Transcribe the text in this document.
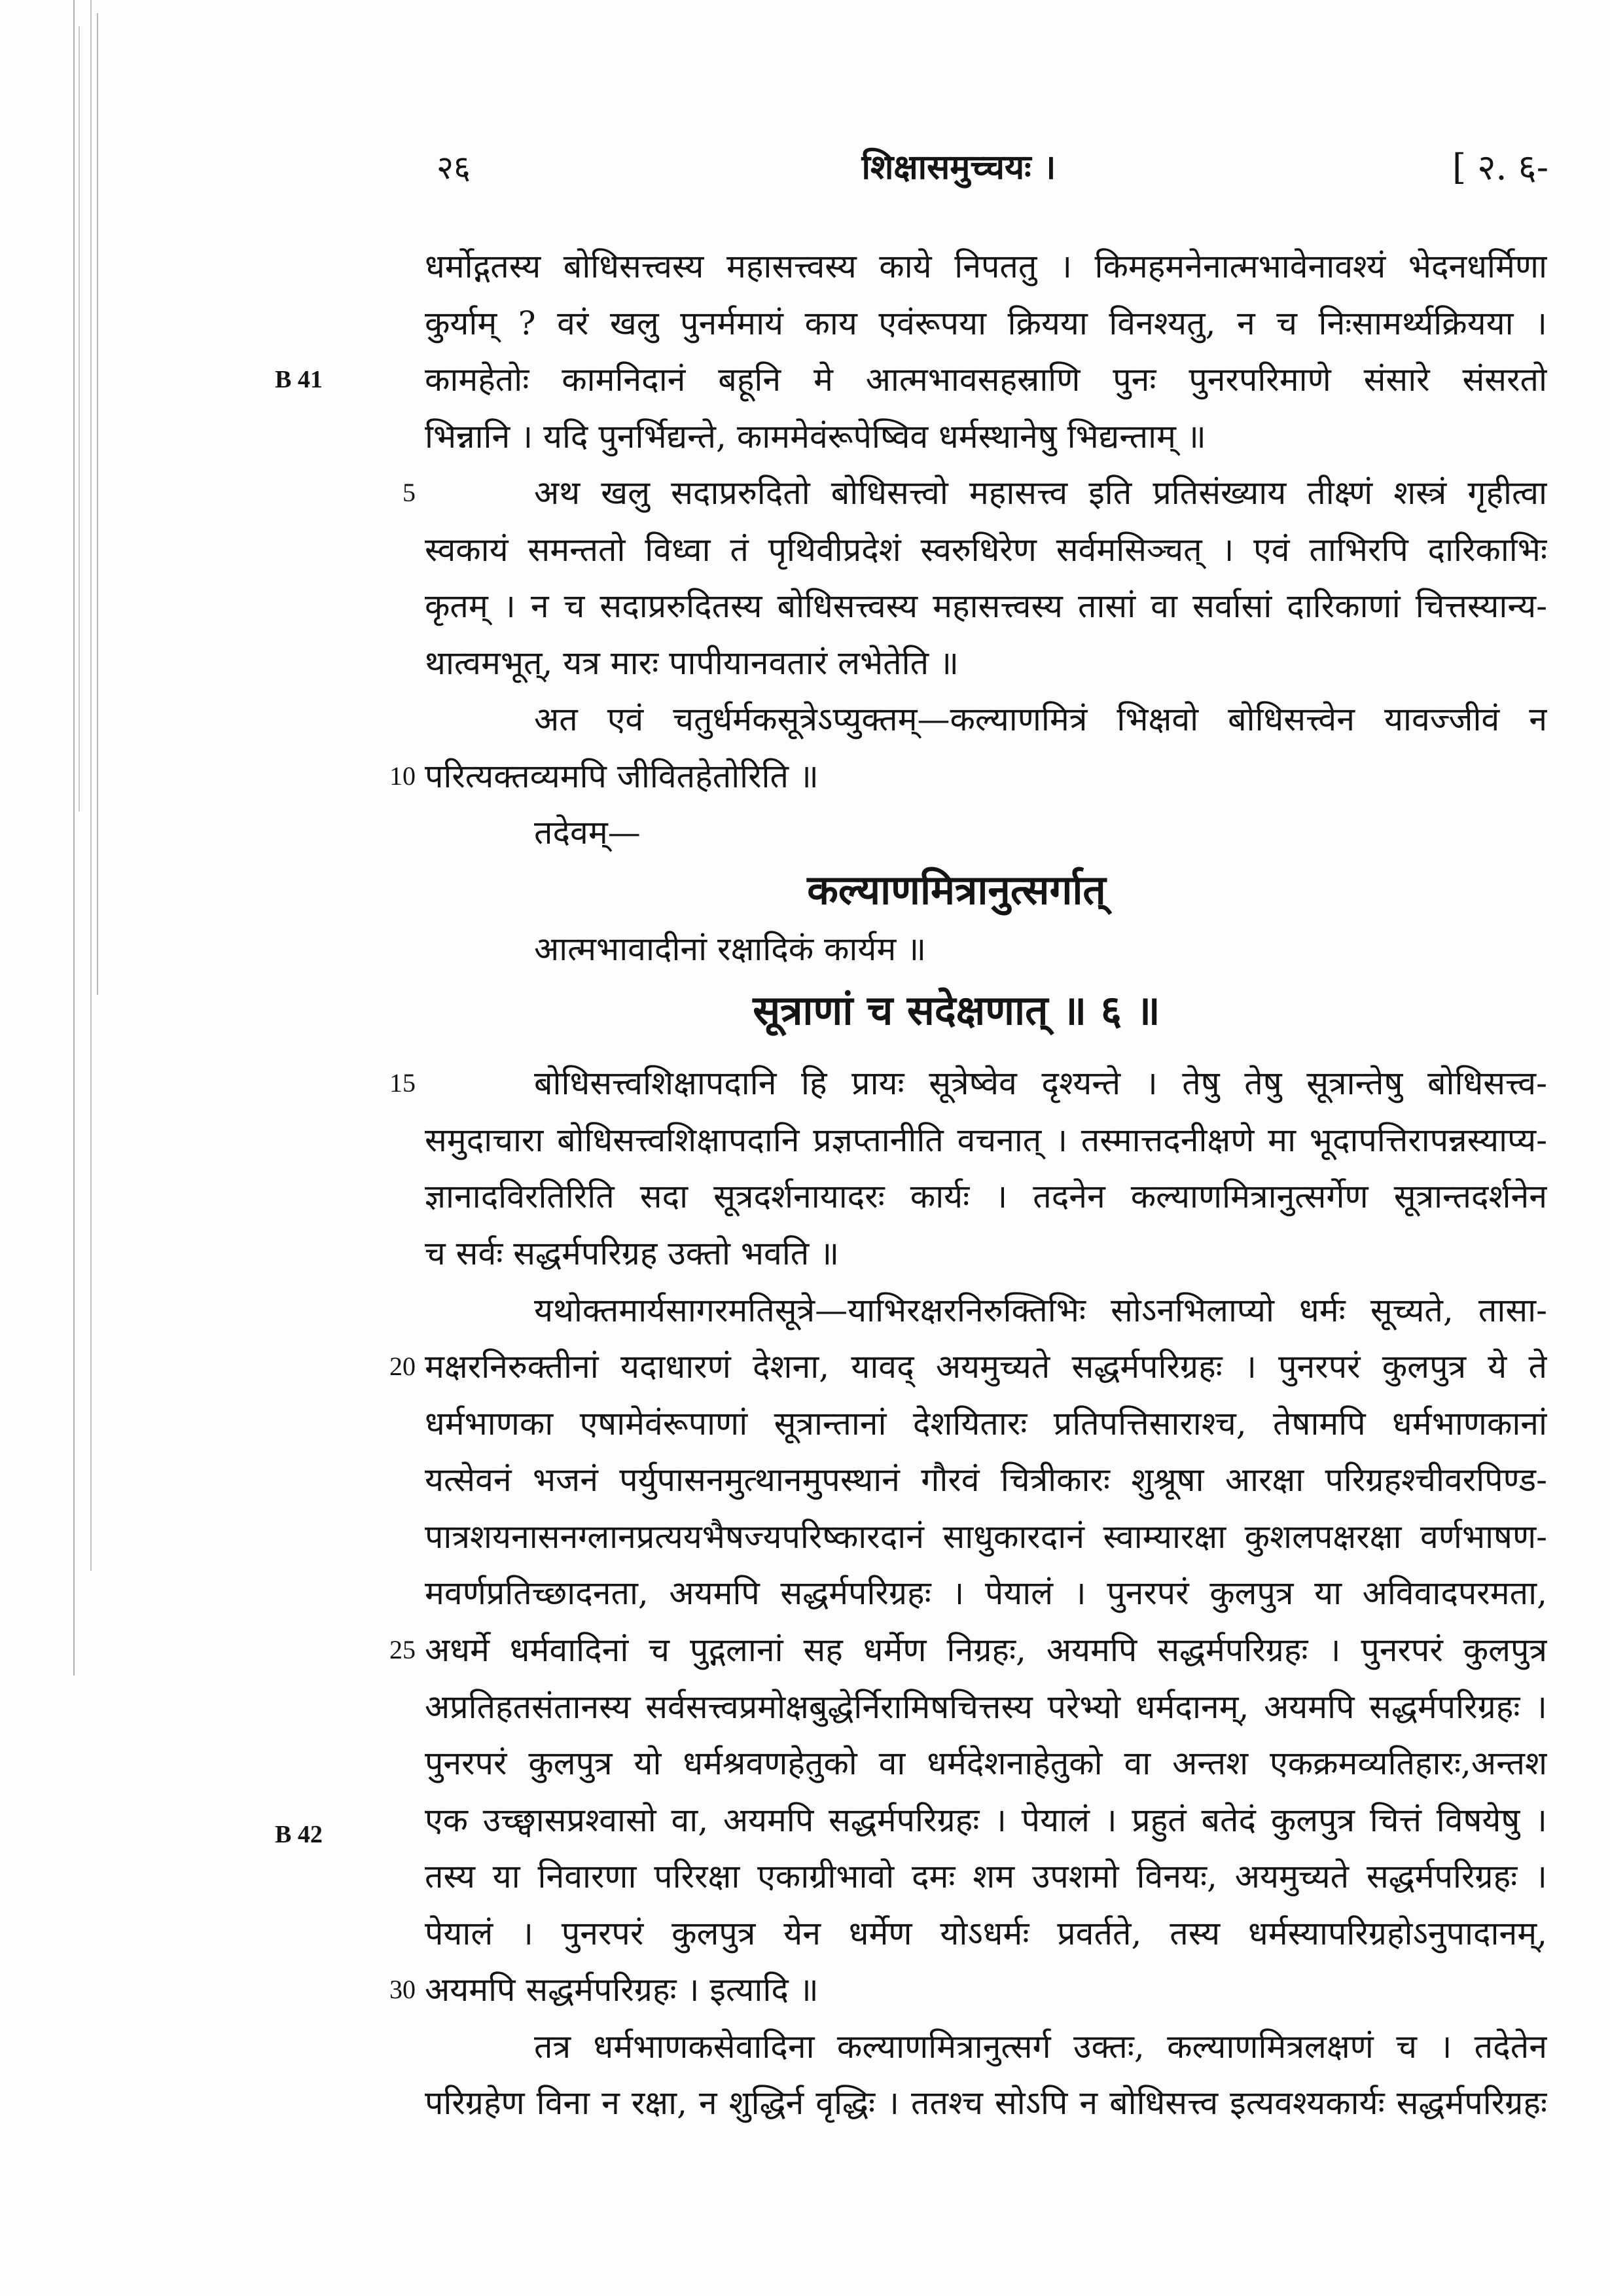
२६	शिक्षासमुच्चयः ।	[ २. ६-
B 41
B 42
5
10
15
20
25
30
धर्मोद्गतस्य बोधिसत्त्वस्य महासत्त्वस्य काये निपततु । किमहमनेनात्मभावेनावश्यं भेदनधर्मिणा
कुर्याम् ? वरं खलु पुनर्ममायं काय एवंरूपया क्रियया विनश्यतु, न च निःसामर्थ्यक्रियया ।
कामहेतोः कामनिदानं बहूनि मे आत्मभावसहस्राणि पुनः पुनरपरिमाणे संसारे संसरतो
भिन्नानि । यदि पुनर्भिद्यन्ते, काममेवंरूपेष्विव धर्मस्थानेषु भिद्यन्ताम् ॥
अथ खलु सदाप्ररुदितो बोधिसत्त्वो महासत्त्व इति प्रतिसंख्याय तीक्ष्णं शस्त्रं गृहीत्वा
स्वकायं समन्ततो विध्वा तं पृथिवीप्रदेशं स्वरुधिरेण सर्वमसिञ्चत् । एवं ताभिरपि दारिकाभिः
कृतम् । न च सदाप्ररुदितस्य बोधिसत्त्वस्य महासत्त्वस्य तासां वा सर्वासां दारिकाणां चित्तस्यान्य-
थात्वमभूत्, यत्र मारः पापीयानवतारं लभेतेति ॥
अत एवं चतुर्धर्मकसूत्रेऽप्युक्तम्—कल्याणमित्रं भिक्षवो बोधिसत्त्वेन यावज्जीवं न
परित्यक्तव्यमपि जीवितहेतोरिति ॥
तदेवम्—
कल्याणमित्रानुत्सर्गात्
आत्मभावादीनां रक्षादिकं कार्यम ॥
सूत्राणां च सदेक्षणात् ॥ ६ ॥
बोधिसत्त्वशिक्षापदानि हि प्रायः सूत्रेष्वेव दृश्यन्ते । तेषु तेषु सूत्रान्तेषु बोधिसत्त्व-
समुदाचारा बोधिसत्त्वशिक्षापदानि प्रज्ञप्तानीति वचनात् । तस्मात्तदनीक्षणे मा भूदापत्तिरापन्नस्याप्य-
ज्ञानादविरतिरिति सदा सूत्रदर्शनायादरः कार्यः । तदनेन कल्याणमित्रानुत्सर्गेण सूत्रान्तदर्शनेन
च सर्वः सद्धर्मपरिग्रह उक्तो भवति ॥
यथोक्तमार्यसागरमतिसूत्रे—याभिरक्षरनिरुक्तिभिः सोऽनभिलाप्यो धर्मः सूच्यते, तासा-
मक्षरनिरुक्तीनां यदाधारणं देशना, यावद् अयमुच्यते सद्धर्मपरिग्रहः । पुनरपरं कुलपुत्र ये ते
धर्मभाणका एषामेवंरूपाणां सूत्रान्तानां देशयितारः प्रतिपत्तिसाराश्च, तेषामपि धर्मभाणकानां
यत्सेवनं भजनं पर्युपासनमुत्थानमुपस्थानं गौरवं चित्रीकारः शुश्रूषा आरक्षा परिग्रहश्चीवरपिण्ड-
पात्रशयनासनग्लानप्रत्ययभैषज्यपरिष्कारदानं साधुकारदानं स्वाम्यारक्षा कुशलपक्षरक्षा वर्णभाषण-
मवर्णप्रतिच्छादनता, अयमपि सद्धर्मपरिग्रहः । पेयालं । पुनरपरं कुलपुत्र या अविवादपरमता,
अधर्मे धर्मवादिनां च पुद्गलानां सह धर्मेण निग्रहः, अयमपि सद्धर्मपरिग्रहः । पुनरपरं कुलपुत्र
अप्रतिहतसंतानस्य सर्वसत्त्वप्रमोक्षबुद्धेर्निरामिषचित्तस्य परेभ्यो धर्मदानम्, अयमपि सद्धर्मपरिग्रहः ।
पुनरपरं कुलपुत्र यो धर्मश्रवणहेतुको वा धर्मदेशनाहेतुको वा अन्तश एकक्रमव्यतिहारः,अन्तश
एक उच्छ्वासप्रश्वासो वा, अयमपि सद्धर्मपरिग्रहः । पेयालं । प्रहुतं बतेदं कुलपुत्र चित्तं विषयेषु ।
तस्य या निवारणा परिरक्षा एकाग्रीभावो दमः शम उपशमो विनयः, अयमुच्यते सद्धर्मपरिग्रहः ।
पेयालं । पुनरपरं कुलपुत्र येन धर्मेण योऽधर्मः प्रवर्तते, तस्य धर्मस्यापरिग्रहोऽनुपादानम्,
अयमपि सद्धर्मपरिग्रहः । इत्यादि ॥
तत्र धर्मभाणकसेवादिना कल्याणमित्रानुत्सर्ग उक्तः, कल्याणमित्रलक्षणं च । तदेतेन
परिग्रहेण विना न रक्षा, न शुद्धिर्न वृद्धिः । ततश्च सोऽपि न बोधिसत्त्व इत्यवश्यकार्यः सद्धर्मपरिग्रहः
